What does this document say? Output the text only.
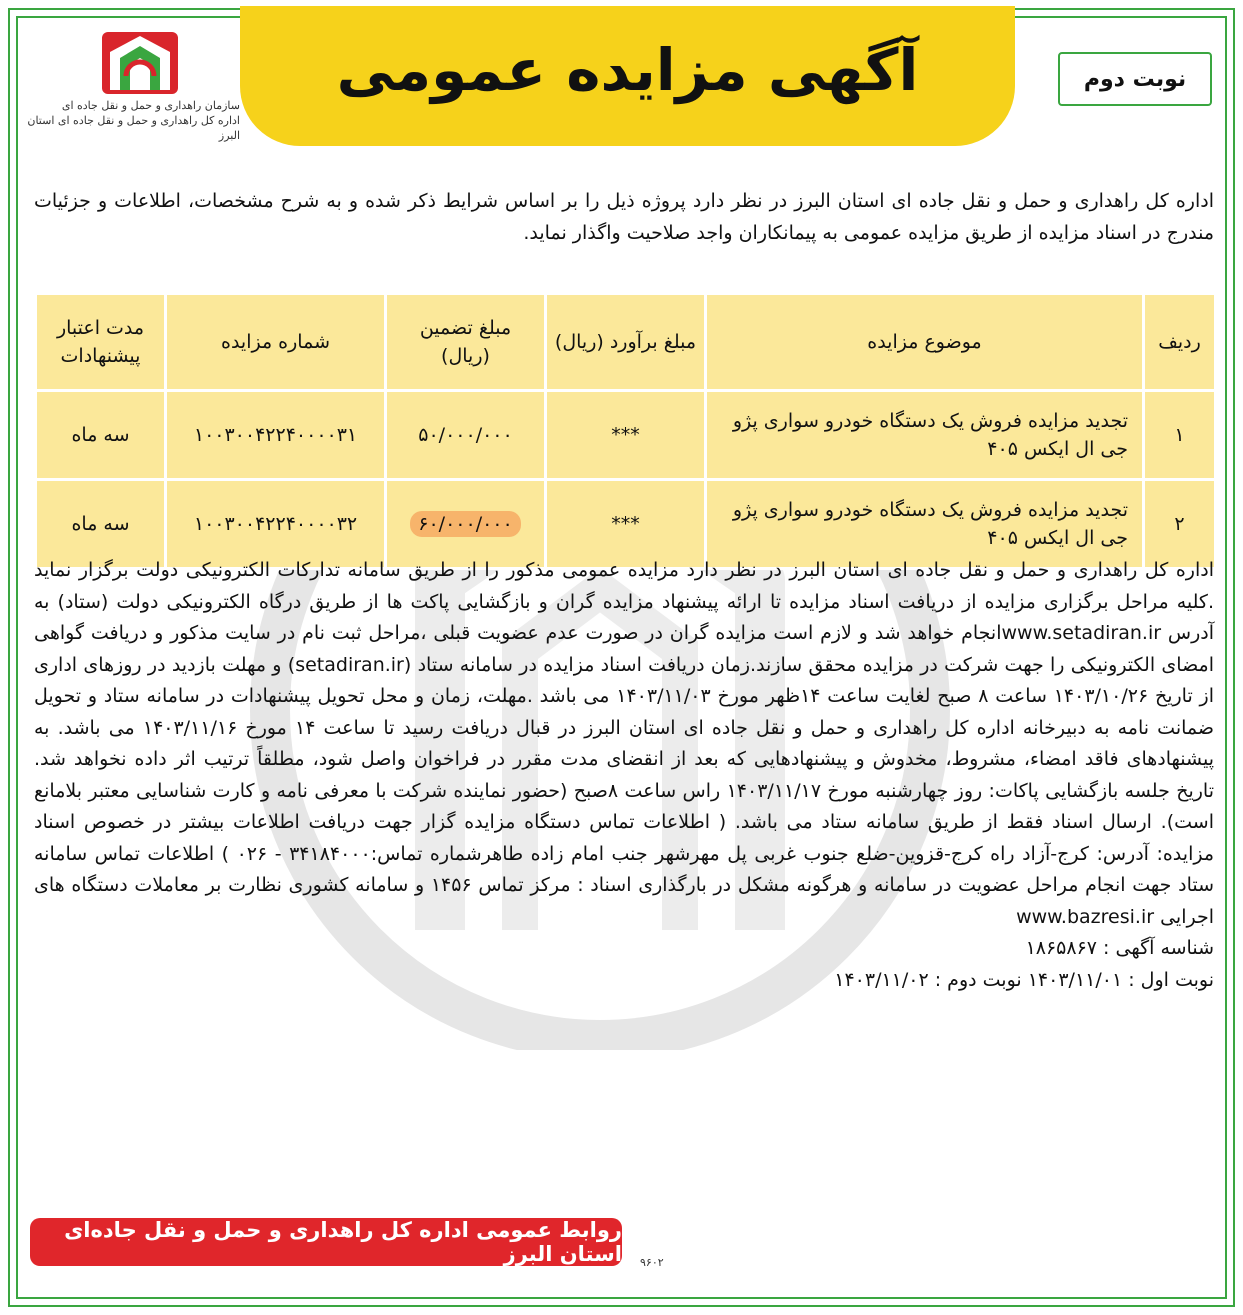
آگهی مزایده عمومی	نوبت دوم
سازمان راهداری و حمل و نقل جاده ای
اداره کل راهداری و حمل و نقل جاده ای استان البرز
اداره کل راهداری و حمل و نقل جاده ای استان البرز در نظر دارد پروژه ذیل را بر اساس شرایط ذکر شده و به شرح مشخصات، اطلاعات و جزئیات مندرج در اسناد مزایده از طریق مزایده عمومی به پیمانکاران واجد صلاحیت واگذار نماید.
ردیف	موضوع مزایده	مبلغ برآورد (ریال)	مبلغ تضمین (ریال)	شماره مزایده	مدت اعتبار پیشنهادات
۱	تجدید مزایده فروش یک دستگاه خودرو سواری پژو جی ال ایکس ۴۰۵	***	۵۰/۰۰۰/۰۰۰	۱۰۰۳۰۰۴۲۲۴۰۰۰۰۳۱	سه ماه
۲	تجدید مزایده فروش یک دستگاه خودرو سواری پژو جی ال ایکس ۴۰۵	***	۶۰/۰۰۰/۰۰۰	۱۰۰۳۰۰۴۲۲۴۰۰۰۰۳۲	سه ماه
اداره کل راهداری و حمل و نقل جاده ای استان البرز در نظر دارد مزایده عمومی مذکور را از طریق سامانه تدارکات الکترونیکی دولت برگزار نماید .کلیه مراحل برگزاری مزایده از دریافت اسناد مزایده تا ارائه پیشنهاد مزایده گران و بازگشایی پاکت ها از طریق درگاه الکترونیکی دولت (ستاد) به آدرس www.setadiran.irانجام خواهد شد و لازم است مزایده گران در صورت عدم عضویت قبلی ،مراحل ثبت نام در سایت مذکور و دریافت گواهی امضای الکترونیکی را جهت شرکت در مزایده محقق سازند.زمان دریافت اسناد مزایده در سامانه ستاد (setadiran.ir) و مهلت بازدید در روزهای اداری از تاریخ ۱۴۰۳/۱۰/۲۶ ساعت ۸ صبح لغایت ساعت ۱۴ظهر مورخ ۱۴۰۳/۱۱/۰۳ می باشد .مهلت، زمان و محل تحویل پیشنهادات در سامانه ستاد و تحویل ضمانت نامه به دبیرخانه اداره کل راهداری و حمل و نقل جاده ای استان البرز در قبال دریافت رسید تا ساعت ۱۴ مورخ ۱۴۰۳/۱۱/۱۶ می باشد. به پیشنهادهای فاقد امضاء، مشروط، مخدوش و پیشنهادهایی که بعد از انقضای مدت مقرر در فراخوان واصل شود، مطلقاً ترتیب اثر داده نخواهد شد. تاریخ جلسه بازگشایی پاکات: روز چهارشنبه مورخ ۱۴۰۳/۱۱/۱۷ راس ساعت ۸صبح (حضور نماینده شرکت با معرفی نامه و کارت شناسایی معتبر بلامانع است). ارسال اسناد فقط از طریق سامانه ستاد می باشد. ( اطلاعات تماس دستگاه مزایده گزار جهت دریافت اطلاعات بیشتر در خصوص اسناد مزایده: آدرس: کرج-آزاد راه کرج-قزوین-ضلع جنوب غربی پل مهرشهر جنب امام زاده طاهرشماره تماس:۳۴۱۸۴۰۰۰ - ۰۲۶ ) اطلاعات تماس سامانه ستاد جهت انجام مراحل عضویت در سامانه و هرگونه مشکل در بارگذاری اسناد : مرکز تماس ۱۴۵۶ و سامانه کشوری نظارت بر معاملات دستگاه های اجرایی www.bazresi.ir
شناسه آگهی : ۱۸۶۵۸۶۷
نوبت اول : ۱۴۰۳/۱۱/۰۱ نوبت دوم : ۱۴۰۳/۱۱/۰۲
روابط عمومی اداره کل راهداری و حمل و نقل جاده‌ای استان البرز ۹۶۰۲
